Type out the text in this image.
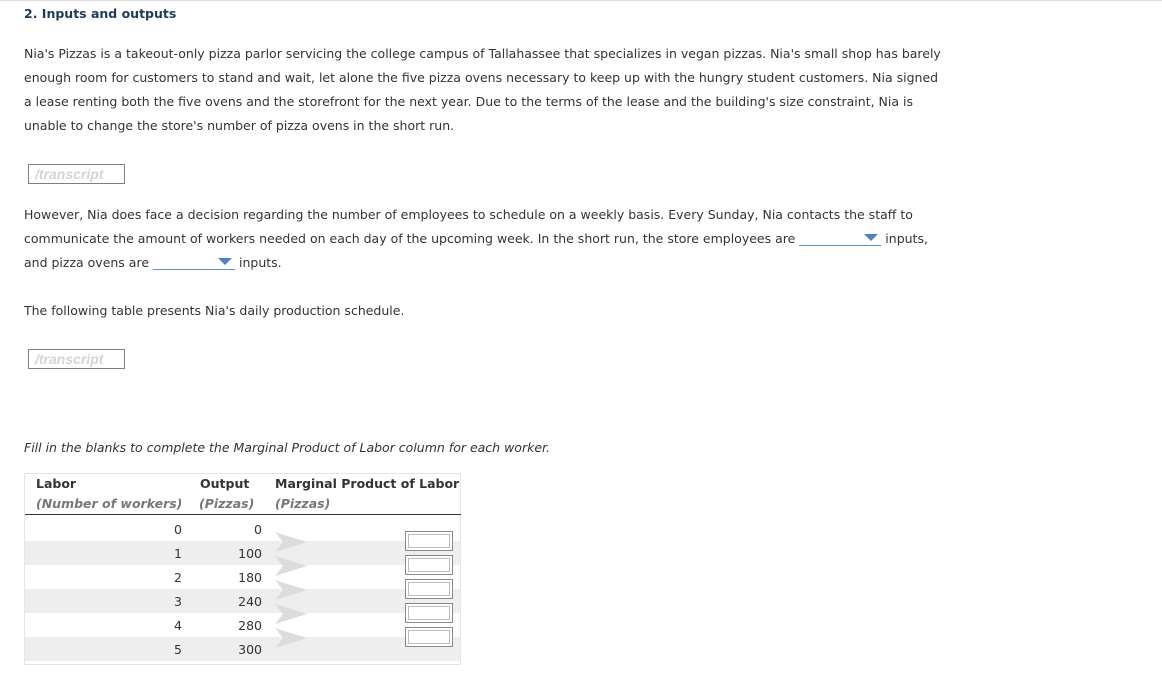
2. Inputs and outputs
Nia's Pizzas is a takeout-only pizza parlor servicing the college campus of Tallahassee that specializes in vegan pizzas. Nia's small shop has barely enough room for customers to stand and wait, let alone the five pizza ovens necessary to keep up with the hungry student customers. Nia signed a lease renting both the five ovens and the storefront for the next year. Due to the terms of the lease and the building's size constraint, Nia is unable to change the store's number of pizza ovens in the short run.
/transcript
However, Nia does face a decision regarding the number of employees to schedule on a weekly basis. Every Sunday, Nia contacts the staff to communicate the amount of workers needed on each day of the upcoming week. In the short run, the store employees are	inputs, and pizza ovens are	inputs.
The following table presents Nia's daily production schedule.
/transcript
Fill in the blanks to complete the Marginal Product of Labor column for each worker.
Labor
(Number of workers)
Output
(Pizzas)
Marginal Product of Labor
(Pizzas)
0	0
1	100
2	180
3	240
4	280
5	300
